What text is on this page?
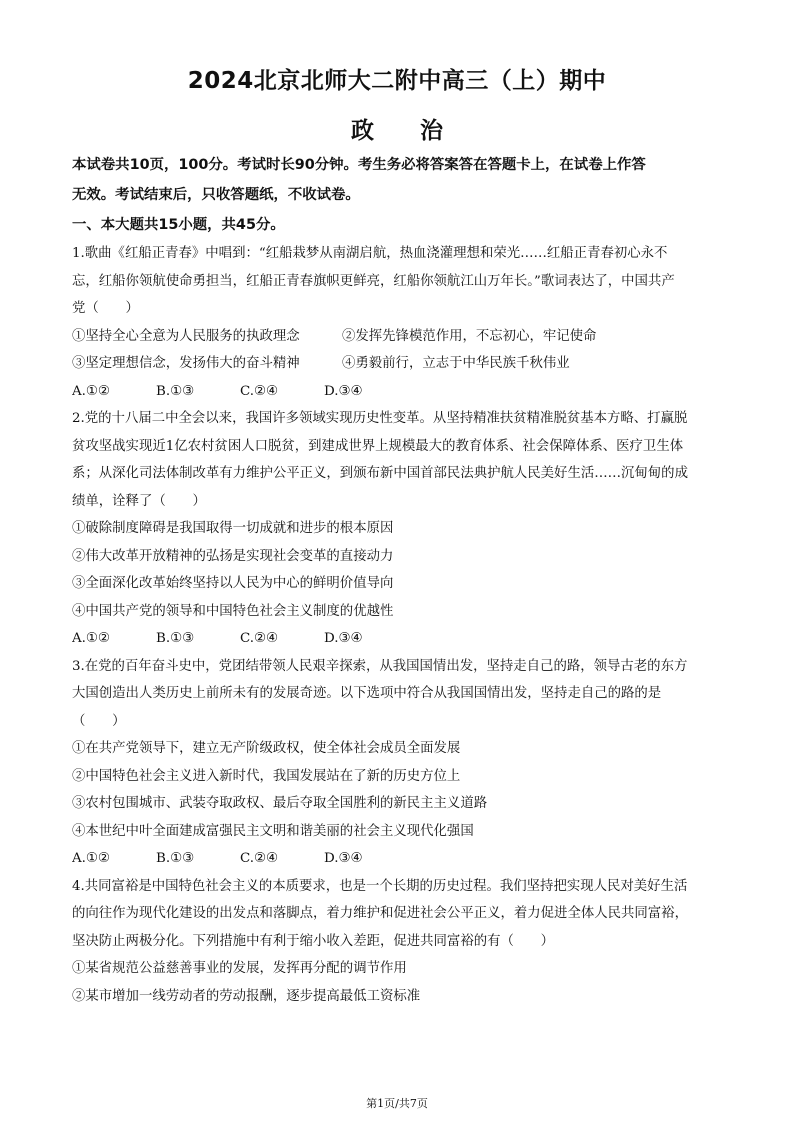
2024北京北师大二附中高三（上）期中
政 治
本试卷共10页，100分。考试时长90分钟。考生务必将答案答在答题卡上，在试卷上作答
无效。考试结束后，只收答题纸，不收试卷。
一、本大题共15小题，共45分。
1.歌曲《红船正青春》中唱到：“红船栽梦从南湖启航，热血浇灌理想和荣光……红船正青春初心永不
忘，红船你领航使命勇担当，红船正青春旗帜更鲜亮，红船你领航江山万年长。”歌词表达了，中国共产
党（　　）
①坚持全心全意为人民服务的执政理念	②发挥先锋模范作用，不忘初心，牢记使命
③坚定理想信念，发扬伟大的奋斗精神	④勇毅前行，立志于中华民族千秋伟业
A.①②	B.①③	C.②④	D.③④
2.党的十八届二中全会以来，我国许多领域实现历史性变革。从坚持精准扶贫精准脱贫基本方略、打赢脱
贫攻坚战实现近1亿农村贫困人口脱贫，到建成世界上规模最大的教育体系、社会保障体系、医疗卫生体
系；从深化司法体制改革有力维护公平正义，到颁布新中国首部民法典护航人民美好生活……沉甸甸的成
绩单，诠释了（　　）
①破除制度障碍是我国取得一切成就和进步的根本原因
②伟大改革开放精神的弘扬是实现社会变革的直接动力
③全面深化改革始终坚持以人民为中心的鲜明价值导向
④中国共产党的领导和中国特色社会主义制度的优越性
A.①②	B.①③	C.②④	D.③④
3.在党的百年奋斗史中，党团结带领人民艰辛探索，从我国国情出发，坚持走自己的路，领导古老的东方
大国创造出人类历史上前所未有的发展奇迹。以下选项中符合从我国国情出发，坚持走自己的路的是
（　　）
①在共产党领导下，建立无产阶级政权，使全体社会成员全面发展
②中国特色社会主义进入新时代，我国发展站在了新的历史方位上
③农村包围城市、武装夺取政权、最后夺取全国胜利的新民主主义道路
④本世纪中叶全面建成富强民主文明和谐美丽的社会主义现代化强国
A.①②	B.①③	C.②④	D.③④
4.共同富裕是中国特色社会主义的本质要求，也是一个长期的历史过程。我们坚持把实现人民对美好生活
的向往作为现代化建设的出发点和落脚点，着力维护和促进社会公平正义，着力促进全体人民共同富裕，
坚决防止两极分化。下列措施中有利于缩小收入差距，促进共同富裕的有（　　）
①某省规范公益慈善事业的发展，发挥再分配的调节作用
②某市增加一线劳动者的劳动报酬，逐步提高最低工资标准
第1页/共7页
